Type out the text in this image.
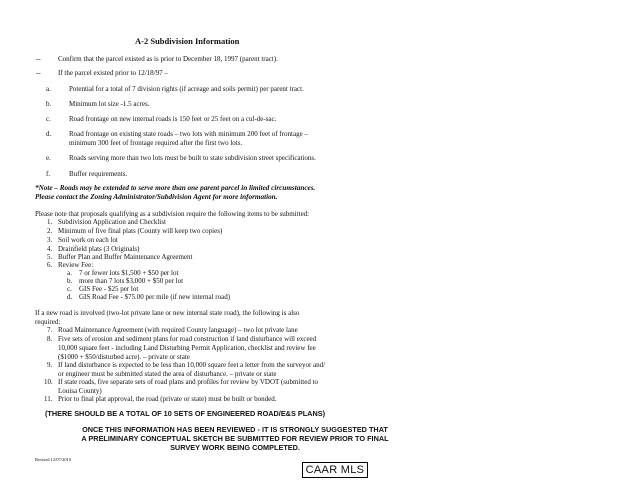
A-2 Subdivision Information
-- Confirm that the parcel existed as is prior to December 18, 1997 (parent tract).
-- If the parcel existed prior to 12/18/97 –
a.	Potential for a total of 7 division rights (if acreage and soils permit) per parent tract.
b.	Minimum lot size -1.5 acres.
c.	Road frontage on new internal roads is 150 feet or 25 feet on a cul-de-sac.
d.	Road frontage on existing state roads – two lots with minimum 200 feet of frontage –
minimum 300 feet of frontage required after the first two lots.
e.	Roads serving more than two lots must be built to state subdivision street specifications.
f.	Buffer requirements.
*Note – Roads may be extended to serve more than one parent parcel in limited circumstances.
Please contact the Zoning Administrator/Subdivision Agent for more information.
Please note that proposals qualifying as a subdivision require the following items to be submitted:
1. Subdivision Application and Checklist
2. Minimum of five final plats (County will keep two copies)
3. Soil work on each lot
4. Drainfield plats (3 Originals)
5. Buffer Plan and Buffer Maintenance Agreement
6. Review Fee:
a. 7 or fewer lots $1,500 + $50 per lot
b. more than 7 lots $3,000 + $50 per lot
c. GIS Fee - $25 per lot
d. GIS Road Fee - $75.00 per mile (if new internal road)
If a new road is involved (two-lot private lane or new internal state road), the following is also
required:
7. Road Maintenance Agreement (with required County language) – two lot private lane
8. Five sets of erosion and sediment plans for road construction if land disturbance will exceed
10,000 square feet - including Land Disturbing Permit Application, checklist and review fee
($1000 + $50/disturbed acre). – private or state
9. If land disturbance is expected to be less than 10,000 square feet a letter from the surveyor and/
or engineer must be submitted stated the area of disturbance. – private or state
10. If state roads, five separate sets of road plans and profiles for review by VDOT (submitted to
Louisa County)
11. Prior to final plat approval, the road (private or state) must be built or bonded.
(THERE SHOULD BE A TOTAL OF 10 SETS OF ENGINEERED ROAD/E&S PLANS)
ONCE THIS INFORMATION HAS BEEN REVIEWED - IT IS STRONGLY SUGGESTED THAT
A PRELIMINARY CONCEPTUAL SKETCH BE SUBMITTED FOR REVIEW PRIOR TO FINAL
SURVEY WORK BEING COMPLETED.
Revised 12/07/2010
CAAR MLS
